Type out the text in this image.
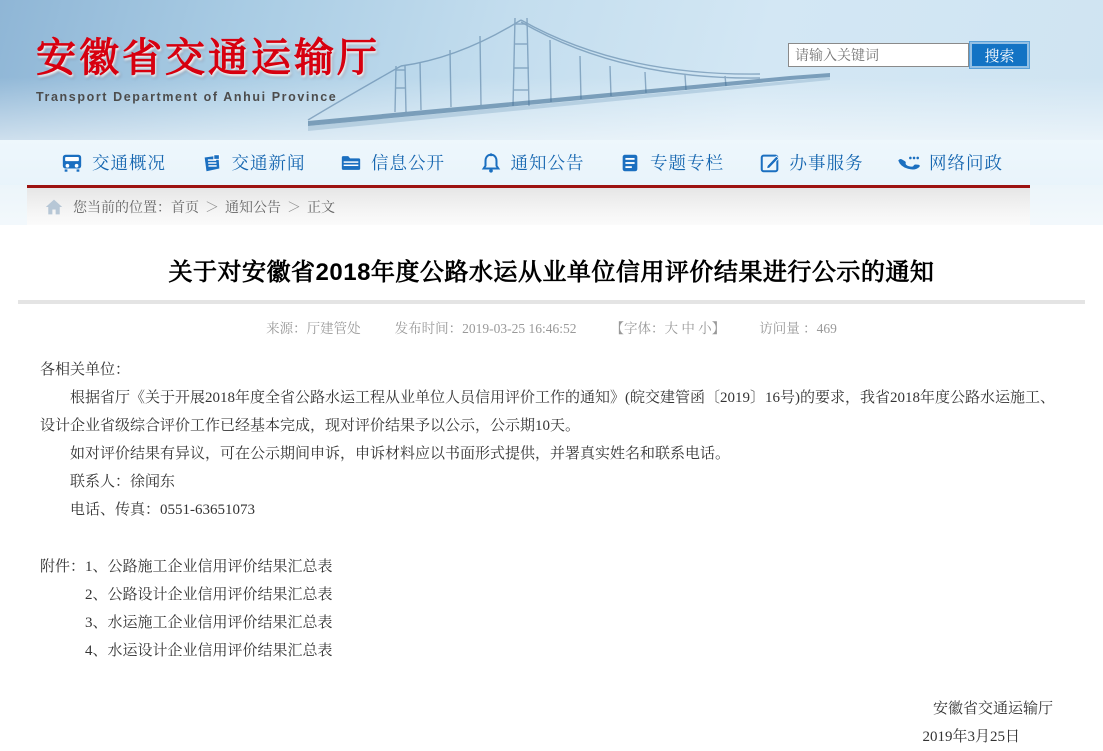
安徽省交通运输厅
Transport Department of Anhui Province
请输入关键词
搜索
交通概况	交通新闻	信息公开	通知公告	专题专栏	办事服务	网络问政
您当前的位置： 首页 ＞ 通知公告 ＞ 正文
关于对安徽省2018年度公路水运从业单位信用评价结果进行公示的通知
来源：厅建管处	发布时间：2019-03-25 16:46:52	【字体：大 中 小】	访问量 ：469

各相关单位：

根据省厅《关于开展2018年度全省公路水运工程从业单位人员信用评价工作的通知》(皖交建管函〔2019〕16号)的要求，我省2018年度公路水运施工、设计企业省级综合评价工作已经基本完成，现对评价结果予以公示，公示期10天。

如对评价结果有异议，可在公示期间申诉，申诉材料应以书面形式提供，并署真实姓名和联系电话。

联系人：徐闻东

电话、传真：0551-63651073

附件： 1、公路施工企业信用评价结果汇总表
2、公路设计企业信用评价结果汇总表
3、水运施工企业信用评价结果汇总表
4、水运设计企业信用评价结果汇总表
安徽省交通运输厅
2019年3月25日
